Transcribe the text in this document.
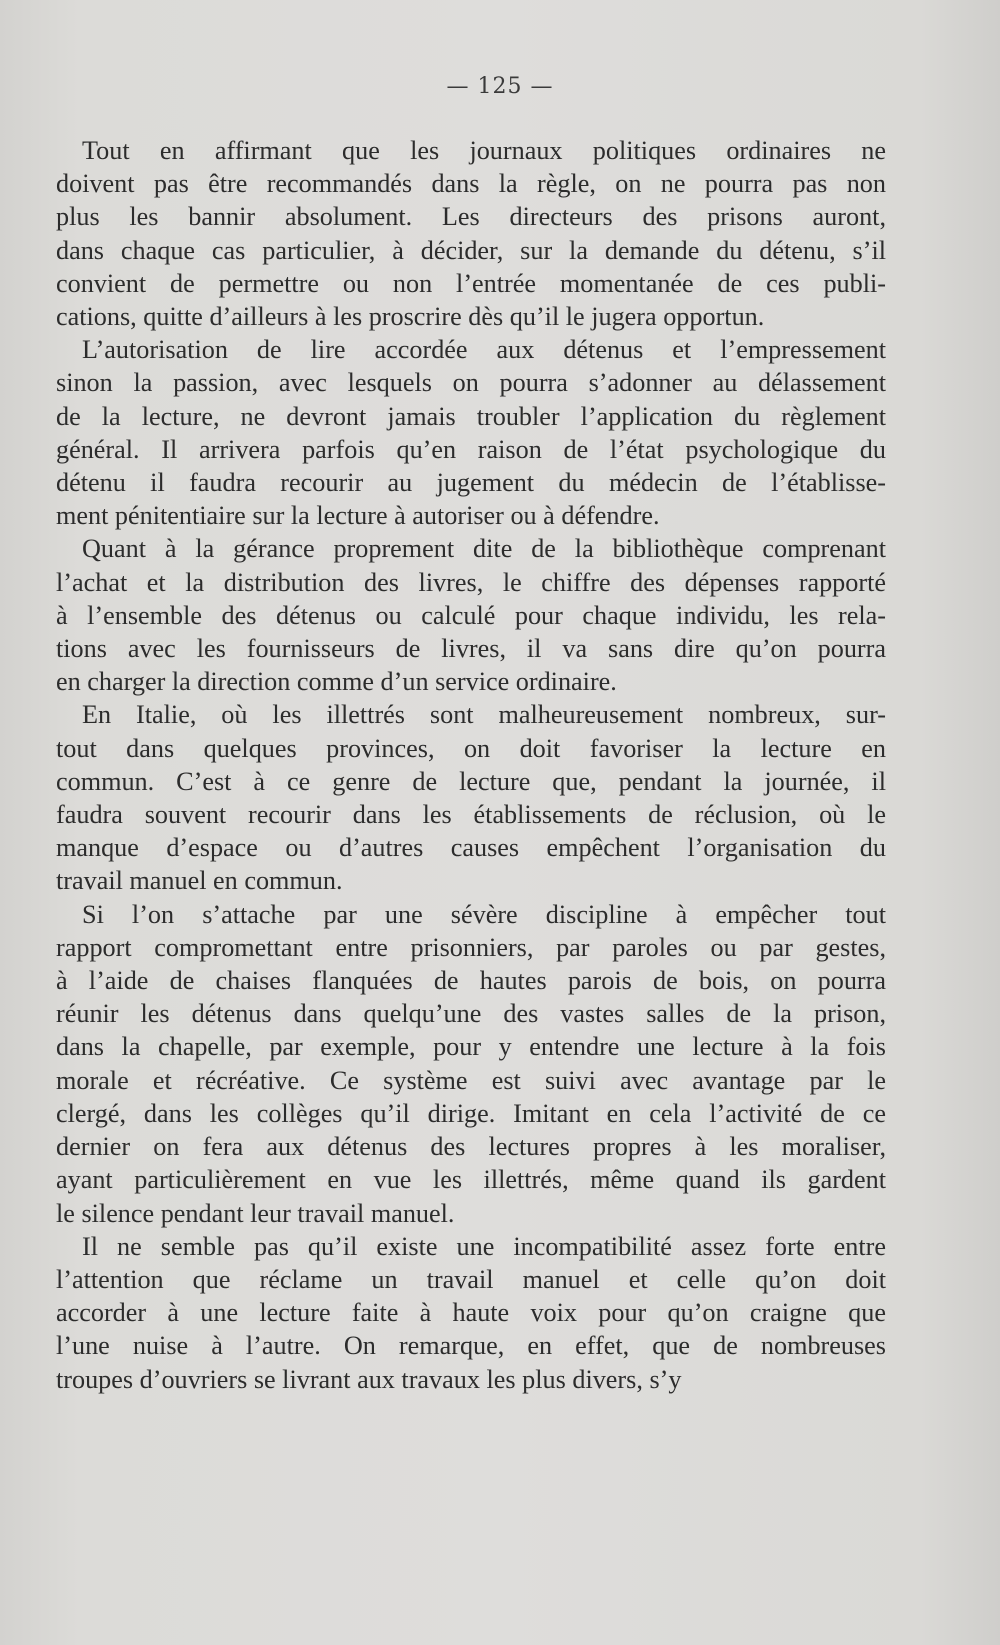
— 125 —
Tout en affirmant que les journaux politiques ordinaires ne
doivent pas être recommandés dans la règle, on ne pourra pas non
plus les bannir absolument. Les directeurs des prisons auront,
dans chaque cas particulier, à décider, sur la demande du détenu, s’il
convient de permettre ou non l’entrée momentanée de ces publi-
cations, quitte d’ailleurs à les proscrire dès qu’il le jugera opportun.
L’autorisation de lire accordée aux détenus et l’empressement
sinon la passion, avec lesquels on pourra s’adonner au délassement
de la lecture, ne devront jamais troubler l’application du règlement
général. Il arrivera parfois qu’en raison de l’état psychologique du
détenu il faudra recourir au jugement du médecin de l’établisse-
ment pénitentiaire sur la lecture à autoriser ou à défendre.
Quant à la gérance proprement dite de la bibliothèque comprenant
l’achat et la distribution des livres, le chiffre des dépenses rapporté
à l’ensemble des détenus ou calculé pour chaque individu, les rela-
tions avec les fournisseurs de livres, il va sans dire qu’on pourra
en charger la direction comme d’un service ordinaire.
En Italie, où les illettrés sont malheureusement nombreux, sur-
tout dans quelques provinces, on doit favoriser la lecture en
commun. C’est à ce genre de lecture que, pendant la journée, il
faudra souvent recourir dans les établissements de réclusion, où le
manque d’espace ou d’autres causes empêchent l’organisation du
travail manuel en commun.
Si l’on s’attache par une sévère discipline à empêcher tout
rapport compromettant entre prisonniers, par paroles ou par gestes,
à l’aide de chaises flanquées de hautes parois de bois, on pourra
réunir les détenus dans quelqu’une des vastes salles de la prison,
dans la chapelle, par exemple, pour y entendre une lecture à la fois
morale et récréative. Ce système est suivi avec avantage par le
clergé, dans les collèges qu’il dirige. Imitant en cela l’activité de ce
dernier on fera aux détenus des lectures propres à les moraliser,
ayant particulièrement en vue les illettrés, même quand ils gardent
le silence pendant leur travail manuel.
Il ne semble pas qu’il existe une incompatibilité assez forte entre
l’attention que réclame un travail manuel et celle qu’on doit
accorder à une lecture faite à haute voix pour qu’on craigne que
l’une nuise à l’autre. On remarque, en effet, que de nombreuses
troupes d’ouvriers se livrant aux travaux les plus divers, s’y
